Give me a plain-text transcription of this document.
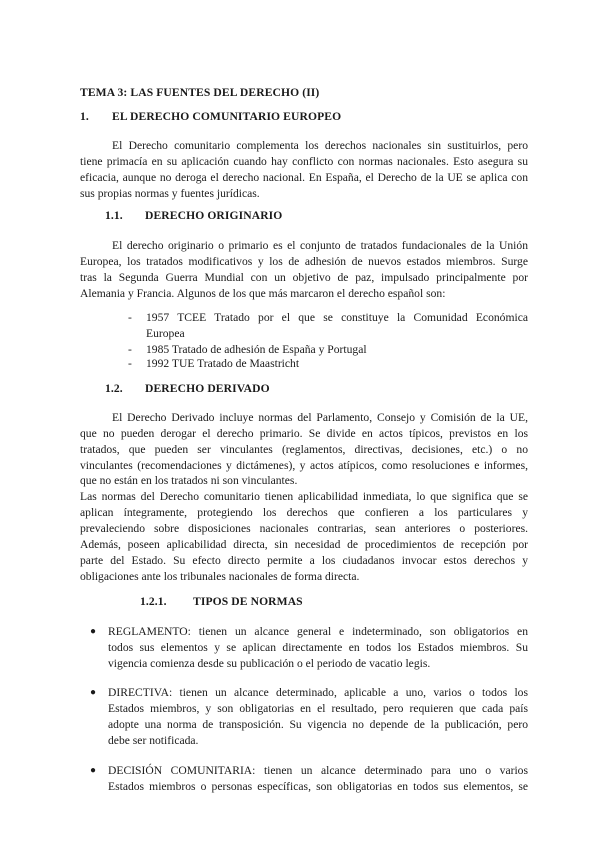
TEMA 3: LAS FUENTES DEL DERECHO (II)
1. EL DERECHO COMUNITARIO EUROPEO
El Derecho comunitario complementa los derechos nacionales sin sustituirlos, pero
tiene primacía en su aplicación cuando hay conflicto con normas nacionales. Esto asegura su
eficacia, aunque no deroga el derecho nacional. En España, el Derecho de la UE se aplica con
sus propias normas y fuentes jurídicas.
1.1. DERECHO ORIGINARIO
El derecho originario o primario es el conjunto de tratados fundacionales de la Unión
Europea, los tratados modificativos y los de adhesión de nuevos estados miembros. Surge
tras la Segunda Guerra Mundial con un objetivo de paz, impulsado principalmente por
Alemania y Francia. Algunos de los que más marcaron el derecho español son:
- 1957 TCEE Tratado por el que se constituye la Comunidad Económica
Europea
- 1985 Tratado de adhesión de España y Portugal
- 1992 TUE Tratado de Maastricht
1.2. DERECHO DERIVADO
El Derecho Derivado incluye normas del Parlamento, Consejo y Comisión de la UE,
que no pueden derogar el derecho primario. Se divide en actos típicos, previstos en los
tratados, que pueden ser vinculantes (reglamentos, directivas, decisiones, etc.) o no
vinculantes (recomendaciones y dictámenes), y actos atípicos, como resoluciones e informes,
que no están en los tratados ni son vinculantes.
Las normas del Derecho comunitario tienen aplicabilidad inmediata, lo que significa que se
aplican íntegramente, protegiendo los derechos que confieren a los particulares y
prevaleciendo sobre disposiciones nacionales contrarias, sean anteriores o posteriores.
Además, poseen aplicabilidad directa, sin necesidad de procedimientos de recepción por
parte del Estado. Su efecto directo permite a los ciudadanos invocar estos derechos y
obligaciones ante los tribunales nacionales de forma directa.
1.2.1. TIPOS DE NORMAS
● REGLAMENTO: tienen un alcance general e indeterminado, son obligatorios en
todos sus elementos y se aplican directamente en todos los Estados miembros. Su
vigencia comienza desde su publicación o el periodo de vacatio legis.
● DIRECTIVA: tienen un alcance determinado, aplicable a uno, varios o todos los
Estados miembros, y son obligatorias en el resultado, pero requieren que cada país
adopte una norma de transposición. Su vigencia no depende de la publicación, pero
debe ser notificada.
● DECISIÓN COMUNITARIA: tienen un alcance determinado para uno o varios
Estados miembros o personas específicas, son obligatorias en todos sus elementos, se
